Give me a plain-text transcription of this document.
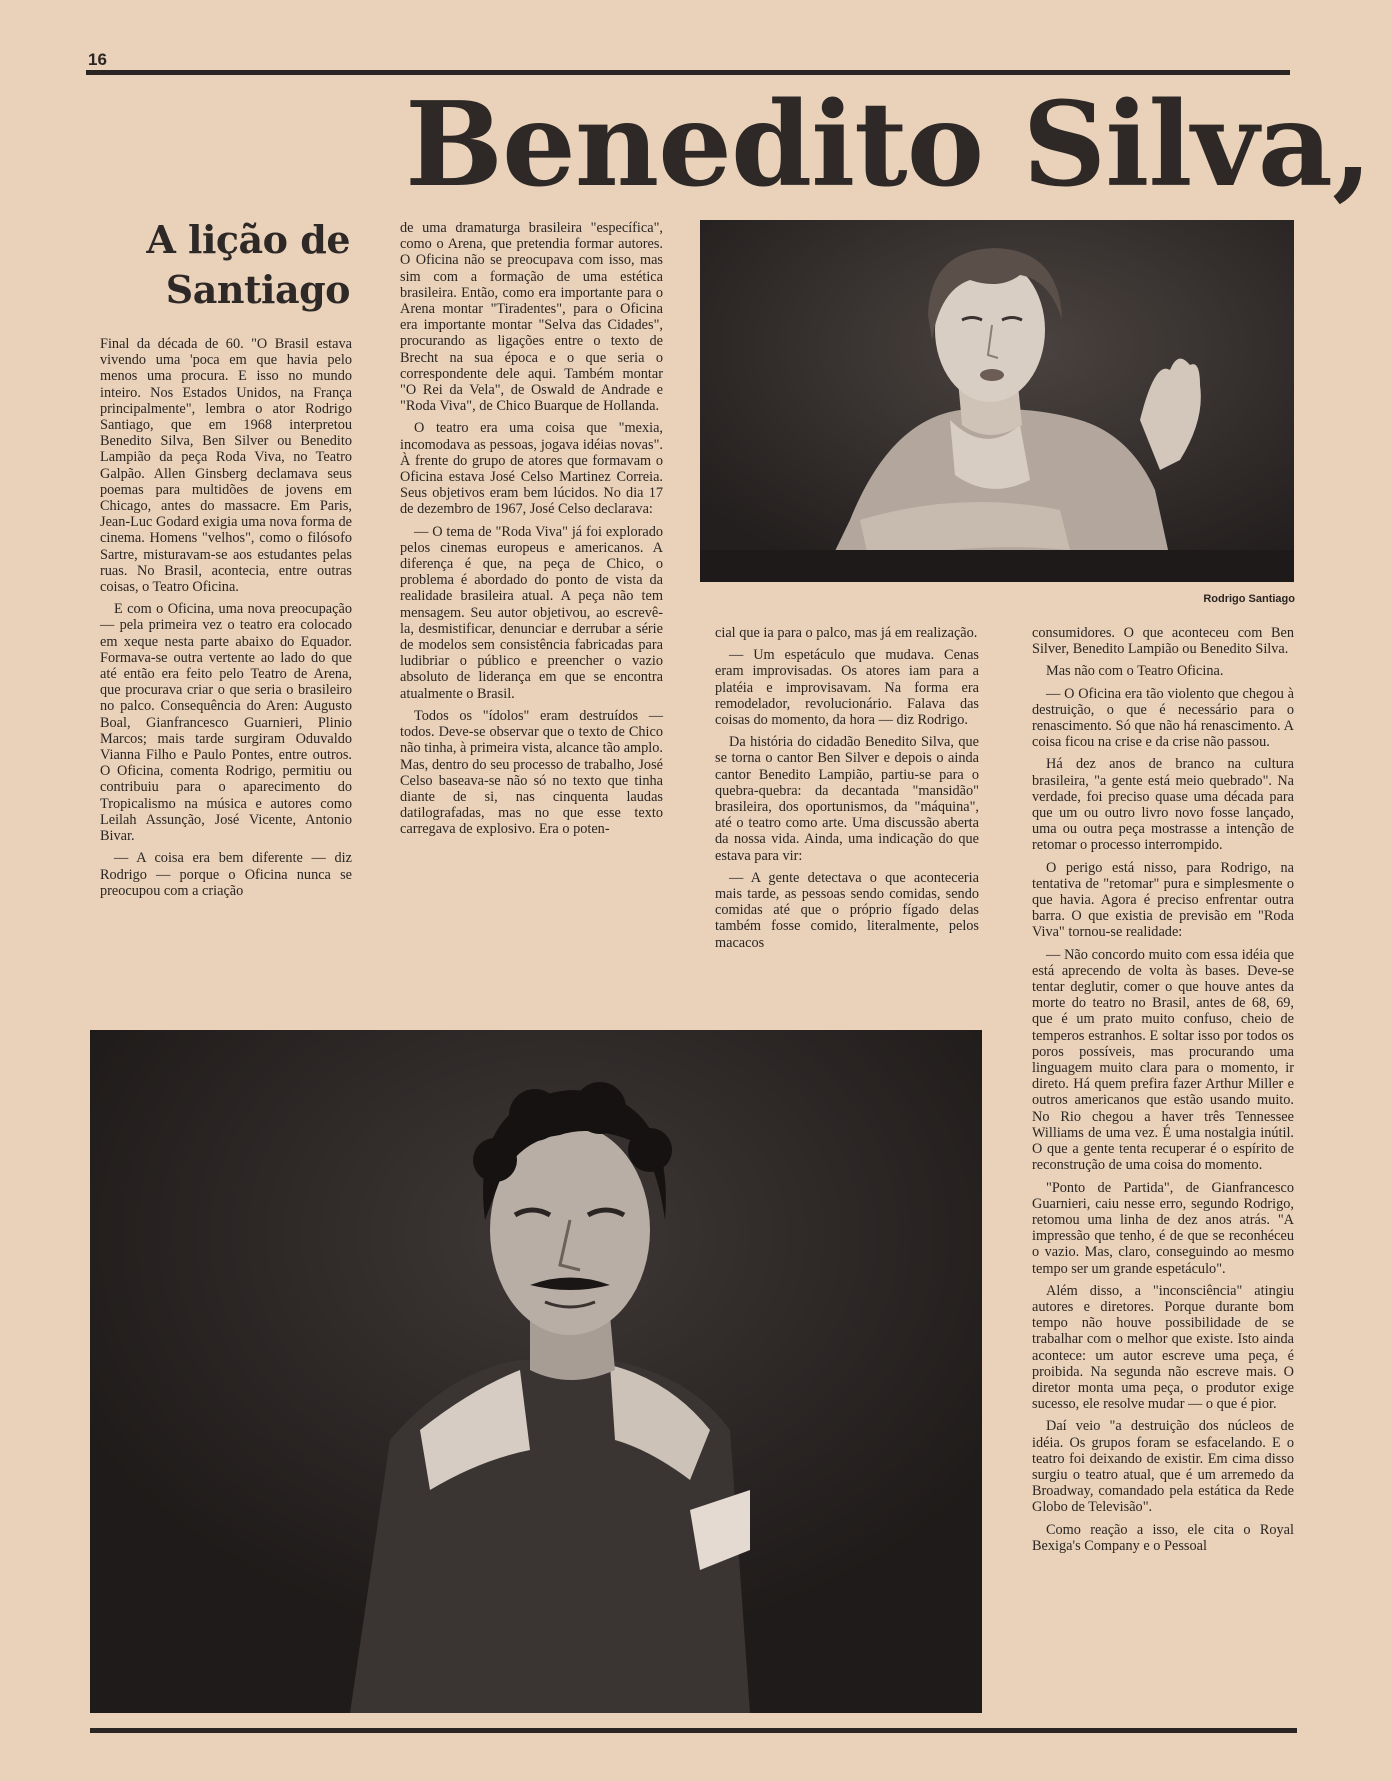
16
Benedito Silva,
A lição de
Santiago

Final da década de 60. "O Brasil estava vivendo uma 'poca em que havia pelo menos uma procura. E isso no mundo inteiro. Nos Estados Unidos, na França principalmente", lembra o ator Rodrigo Santiago, que em 1968 interpretou Benedito Silva, Ben Silver ou Benedito Lampião da peça Roda Viva, no Teatro Galpão. Allen Ginsberg declamava seus poemas para multidões de jovens em Chicago, antes do massacre. Em Paris, Jean-Luc Godard exigia uma nova forma de cinema. Homens "velhos", como o filósofo Sartre, misturavam-se aos estudantes pelas ruas. No Brasil, acontecia, entre outras coisas, o Teatro Oficina.

E com o Oficina, uma nova preocupação — pela primeira vez o teatro era colocado em xeque nesta parte abaixo do Equador. Formava-se outra vertente ao lado do que até então era feito pelo Teatro de Arena, que procurava criar o que seria o brasileiro no palco. Consequência do Aren: Augusto Boal, Gianfrancesco Guarnieri, Plinio Marcos; mais tarde surgiram Oduvaldo Vianna Filho e Paulo Pontes, entre outros. O Oficina, comenta Rodrigo, permitiu ou contribuiu para o aparecimento do Tropicalismo na música e autores como Leilah Assunção, José Vicente, Antonio Bivar.

— A coisa era bem diferente — diz Rodrigo — porque o Oficina nunca se preocupou com a criação

de uma dramaturga brasileira "específica", como o Arena, que pretendia formar autores. O Oficina não se preocupava com isso, mas sim com a formação de uma estética brasileira. Então, como era importante para o Arena montar "Tiradentes", para o Oficina era importante montar "Selva das Cidades", procurando as ligações entre o texto de Brecht na sua época e o que seria o correspondente dele aqui. Também montar "O Rei da Vela", de Oswald de Andrade e "Roda Viva", de Chico Buarque de Hollanda.

O teatro era uma coisa que "mexia, incomodava as pessoas, jogava idéias novas". À frente do grupo de atores que formavam o Oficina estava José Celso Martinez Correia. Seus objetivos eram bem lúcidos. No dia 17 de dezembro de 1967, José Celso declarava:

— O tema de "Roda Viva" já foi explorado pelos cinemas europeus e americanos. A diferença é que, na peça de Chico, o problema é abordado do ponto de vista da realidade brasileira atual. A peça não tem mensagem. Seu autor objetivou, ao escrevê-la, desmistificar, denunciar e derrubar a série de modelos sem consistência fabricadas para ludibriar o público e preencher o vazio absoluto de liderança em que se encontra atualmente o Brasil.

Todos os "ídolos" eram destruídos — todos. Deve-se observar que o texto de Chico não tinha, à primeira vista, alcance tão amplo. Mas, dentro do seu processo de trabalho, José Celso baseava-se não só no texto que tinha diante de si, nas cinquenta laudas datilografadas, mas no que esse texto carregava de explosivo. Era o poten-

cial que ia para o palco, mas já em realização.

— Um espetáculo que mudava. Cenas eram improvisadas. Os atores iam para a platéia e improvisavam. Na forma era remodelador, revolucionário. Falava das coisas do momento, da hora — diz Rodrigo.

Da história do cidadão Benedito Silva, que se torna o cantor Ben Silver e depois o ainda cantor Benedito Lampião, partiu-se para o quebra-quebra: da decantada "mansidão" brasileira, dos oportunismos, da "máquina", até o teatro como arte. Uma discussão aberta da nossa vida. Ainda, uma indicação do que estava para vir:

— A gente detectava o que aconteceria mais tarde, as pessoas sendo comidas, sendo comidas até que o próprio fígado delas também fosse comido, literalmente, pelos macacos

consumidores. O que aconteceu com Ben Silver, Benedito Lampião ou Benedito Silva.

Mas não com o Teatro Oficina.

— O Oficina era tão violento que chegou à destruição, o que é necessário para o renascimento. Só que não há renascimento. A coisa ficou na crise e da crise não passou.

Há dez anos de branco na cultura brasileira, "a gente está meio quebrado". Na verdade, foi preciso quase uma década para que um ou outro livro novo fosse lançado, uma ou outra peça mostrasse a intenção de retomar o processo interrompido.

O perigo está nisso, para Rodrigo, na tentativa de "retomar" pura e simplesmente o que havia. Agora é preciso enfrentar outra barra. O que existia de previsão em "Roda Viva" tornou-se realidade:

— Não concordo muito com essa idéia que está aprecendo de volta às bases. Deve-se tentar deglutir, comer o que houve antes da morte do teatro no Brasil, antes de 68, 69, que é um prato muito confuso, cheio de temperos estranhos. E soltar isso por todos os poros possíveis, mas procurando uma linguagem muito clara para o momento, ir direto. Há quem prefira fazer Arthur Miller e outros americanos que estão usando muito. No Rio chegou a haver três Tennessee Williams de uma vez. É uma nostalgia inútil. O que a gente tenta recuperar é o espírito de reconstrução de uma coisa do momento.

"Ponto de Partida", de Gianfrancesco Guarnieri, caiu nesse erro, segundo Rodrigo, retomou uma linha de dez anos atrás. "A impressão que tenho, é de que se reconhéceu o vazio. Mas, claro, conseguindo ao mesmo tempo ser um grande espetáculo".

Além disso, a "inconsciência" atingiu autores e diretores. Porque durante bom tempo não houve possibilidade de se trabalhar com o melhor que existe. Isto ainda acontece: um autor escreve uma peça, é proibida. Na segunda não escreve mais. O diretor monta uma peça, o produtor exige sucesso, ele resolve mudar — o que é pior.

Daí veio "a destruição dos núcleos de idéia. Os grupos foram se esfacelando. E o teatro foi deixando de existir. Em cima disso surgiu o teatro atual, que é um arremedo da Broadway, comandado pela estática da Rede Globo de Televisão".

Como reação a isso, ele cita o Royal Bexiga's Company e o Pessoal

Rodrigo Santiago
